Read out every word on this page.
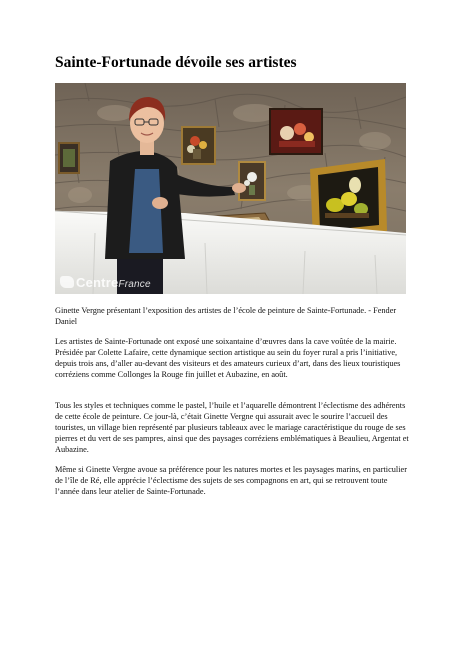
Sainte-Fortunade dévoile ses artistes
CentreFrance

Ginette Vergne présentant l’exposition des artistes de l’école de peinture de Sainte-Fortunade. - Fender Daniel

Les artistes de Sainte-Fortunade ont exposé une soixantaine d’œuvres dans la cave voûtée de la mairie. Présidée par Colette Lafaire, cette dynamique section artistique au sein du foyer rural a pris l’initiative, depuis trois ans, d’aller au-devant des visiteurs et des amateurs curieux d’art, dans des lieux touristiques corréziens comme Collonges la Rouge fin juillet et Aubazine, en août.

Tous les styles et techniques comme le pastel, l’huile et l’aquarelle démontrent l’éclectisme des adhérents de cette école de peinture. Ce jour-là, c’était Ginette Vergne qui assurait avec le sourire l’accueil des touristes, un village bien représenté par plusieurs tableaux avec le mariage caractéristique du rouge de ses pierres et du vert de ses pampres, ainsi que des paysages corréziens emblématiques à Beaulieu, Argentat et Aubazine.

Même si Ginette Vergne avoue sa préférence pour les natures mortes et les paysages marins, en particulier de l’île de Ré, elle apprécie l’éclectisme des sujets de ses compagnons en art, qui se retrouvent toute l’année dans leur atelier de Sainte-Fortunade.
